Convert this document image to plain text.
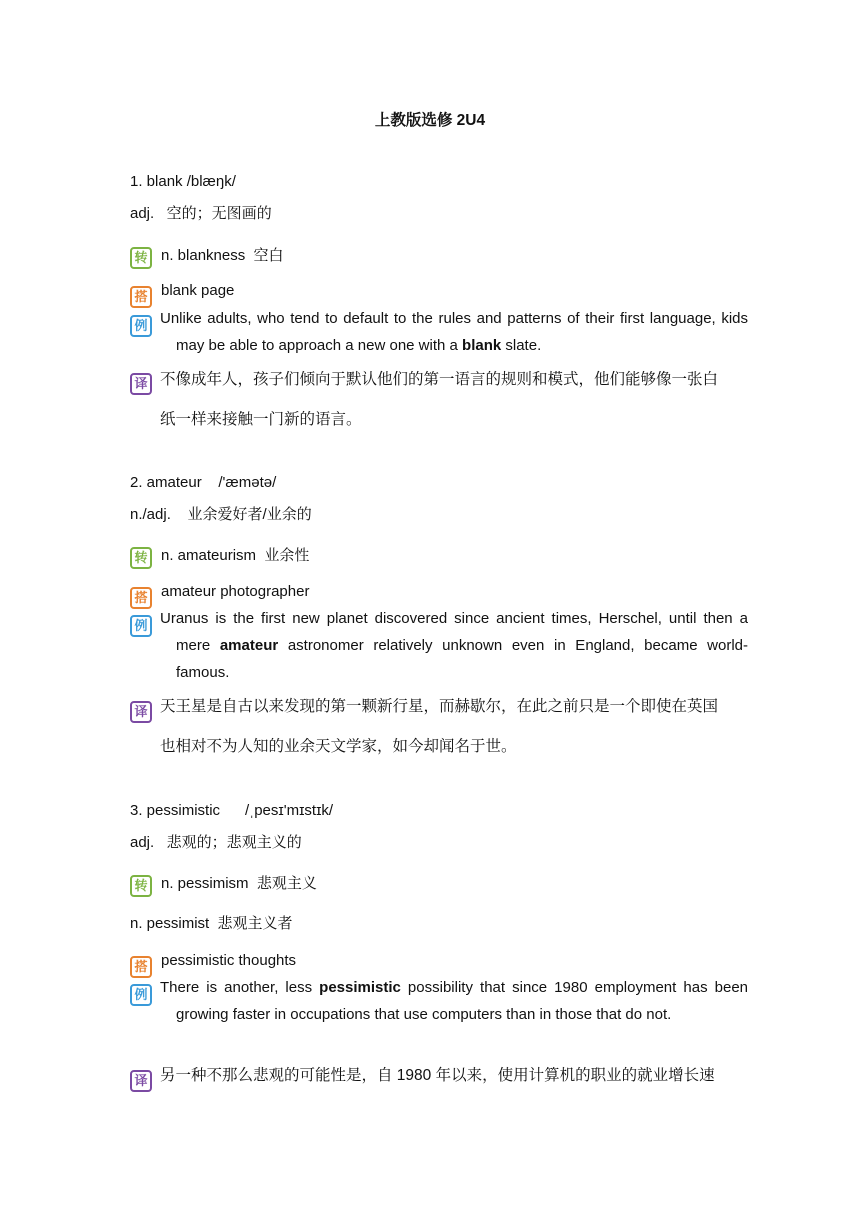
上教版选修 2U4
1. blank /blæŋk/
adj.   空的；无图画的
转 n. blankness  空白
搭 blank page
例 Unlike adults, who tend to default to the rules and patterns of their first language, kids may be able to approach a new one with a blank slate.
译 不像成年人，孩子们倾向于默认他们的第一语言的规则和模式，他们能够像一张白
纸一样来接触一门新的语言。
2. amateur    /'æmətə/
n./adj.    业余爱好者/业余的
转 n. amateurism  业余性
搭 amateur photographer
例 Uranus is the first new planet discovered since ancient times, Herschel, until then a mere amateur astronomer relatively unknown even in England, became world-famous.
译 天王星是自古以来发现的第一颗新行星，而赫歇尔，在此之前只是一个即使在英国
也相对不为人知的业余天文学家，如今却闻名于世。
3. pessimistic      /ˌpesɪ'mɪstɪk/
adj.   悲观的；悲观主义的
转 n. pessimism  悲观主义
n. pessimist  悲观主义者
搭 pessimistic thoughts
例 There is another, less pessimistic possibility that since 1980 employment has been growing faster in occupations that use computers than in those that do not.
译 另一种不那么悲观的可能性是，自 1980 年以来，使用计算机的职业的就业增长速
